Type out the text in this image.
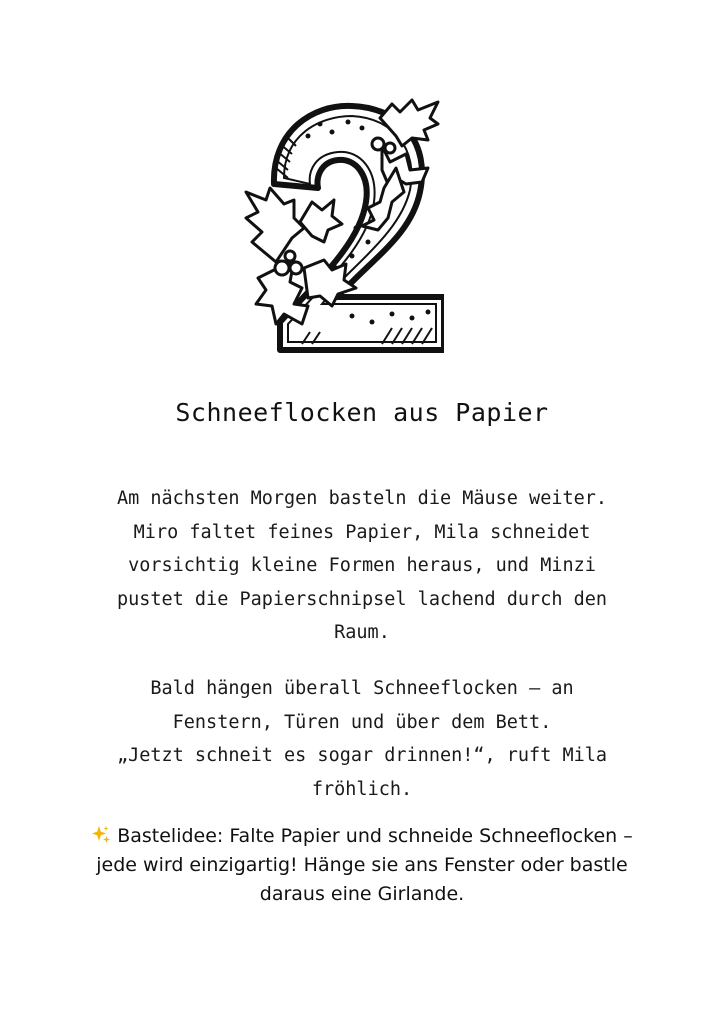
Schneeflocken aus Papier
Am nächsten Morgen basteln die Mäuse weiter.
Miro faltet feines Papier, Mila schneidet
vorsichtig kleine Formen heraus, und Minzi
pustet die Papierschnipsel lachend durch den
Raum.
Bald hängen überall Schneeflocken – an
Fenstern, Türen und über dem Bett.
„Jetzt schneit es sogar drinnen!“, ruft Mila
fröhlich.
Bastelidee: Falte Papier und schneide Schneeflocken –
jede wird einzigartig! Hänge sie ans Fenster oder bastle
daraus eine Girlande.
